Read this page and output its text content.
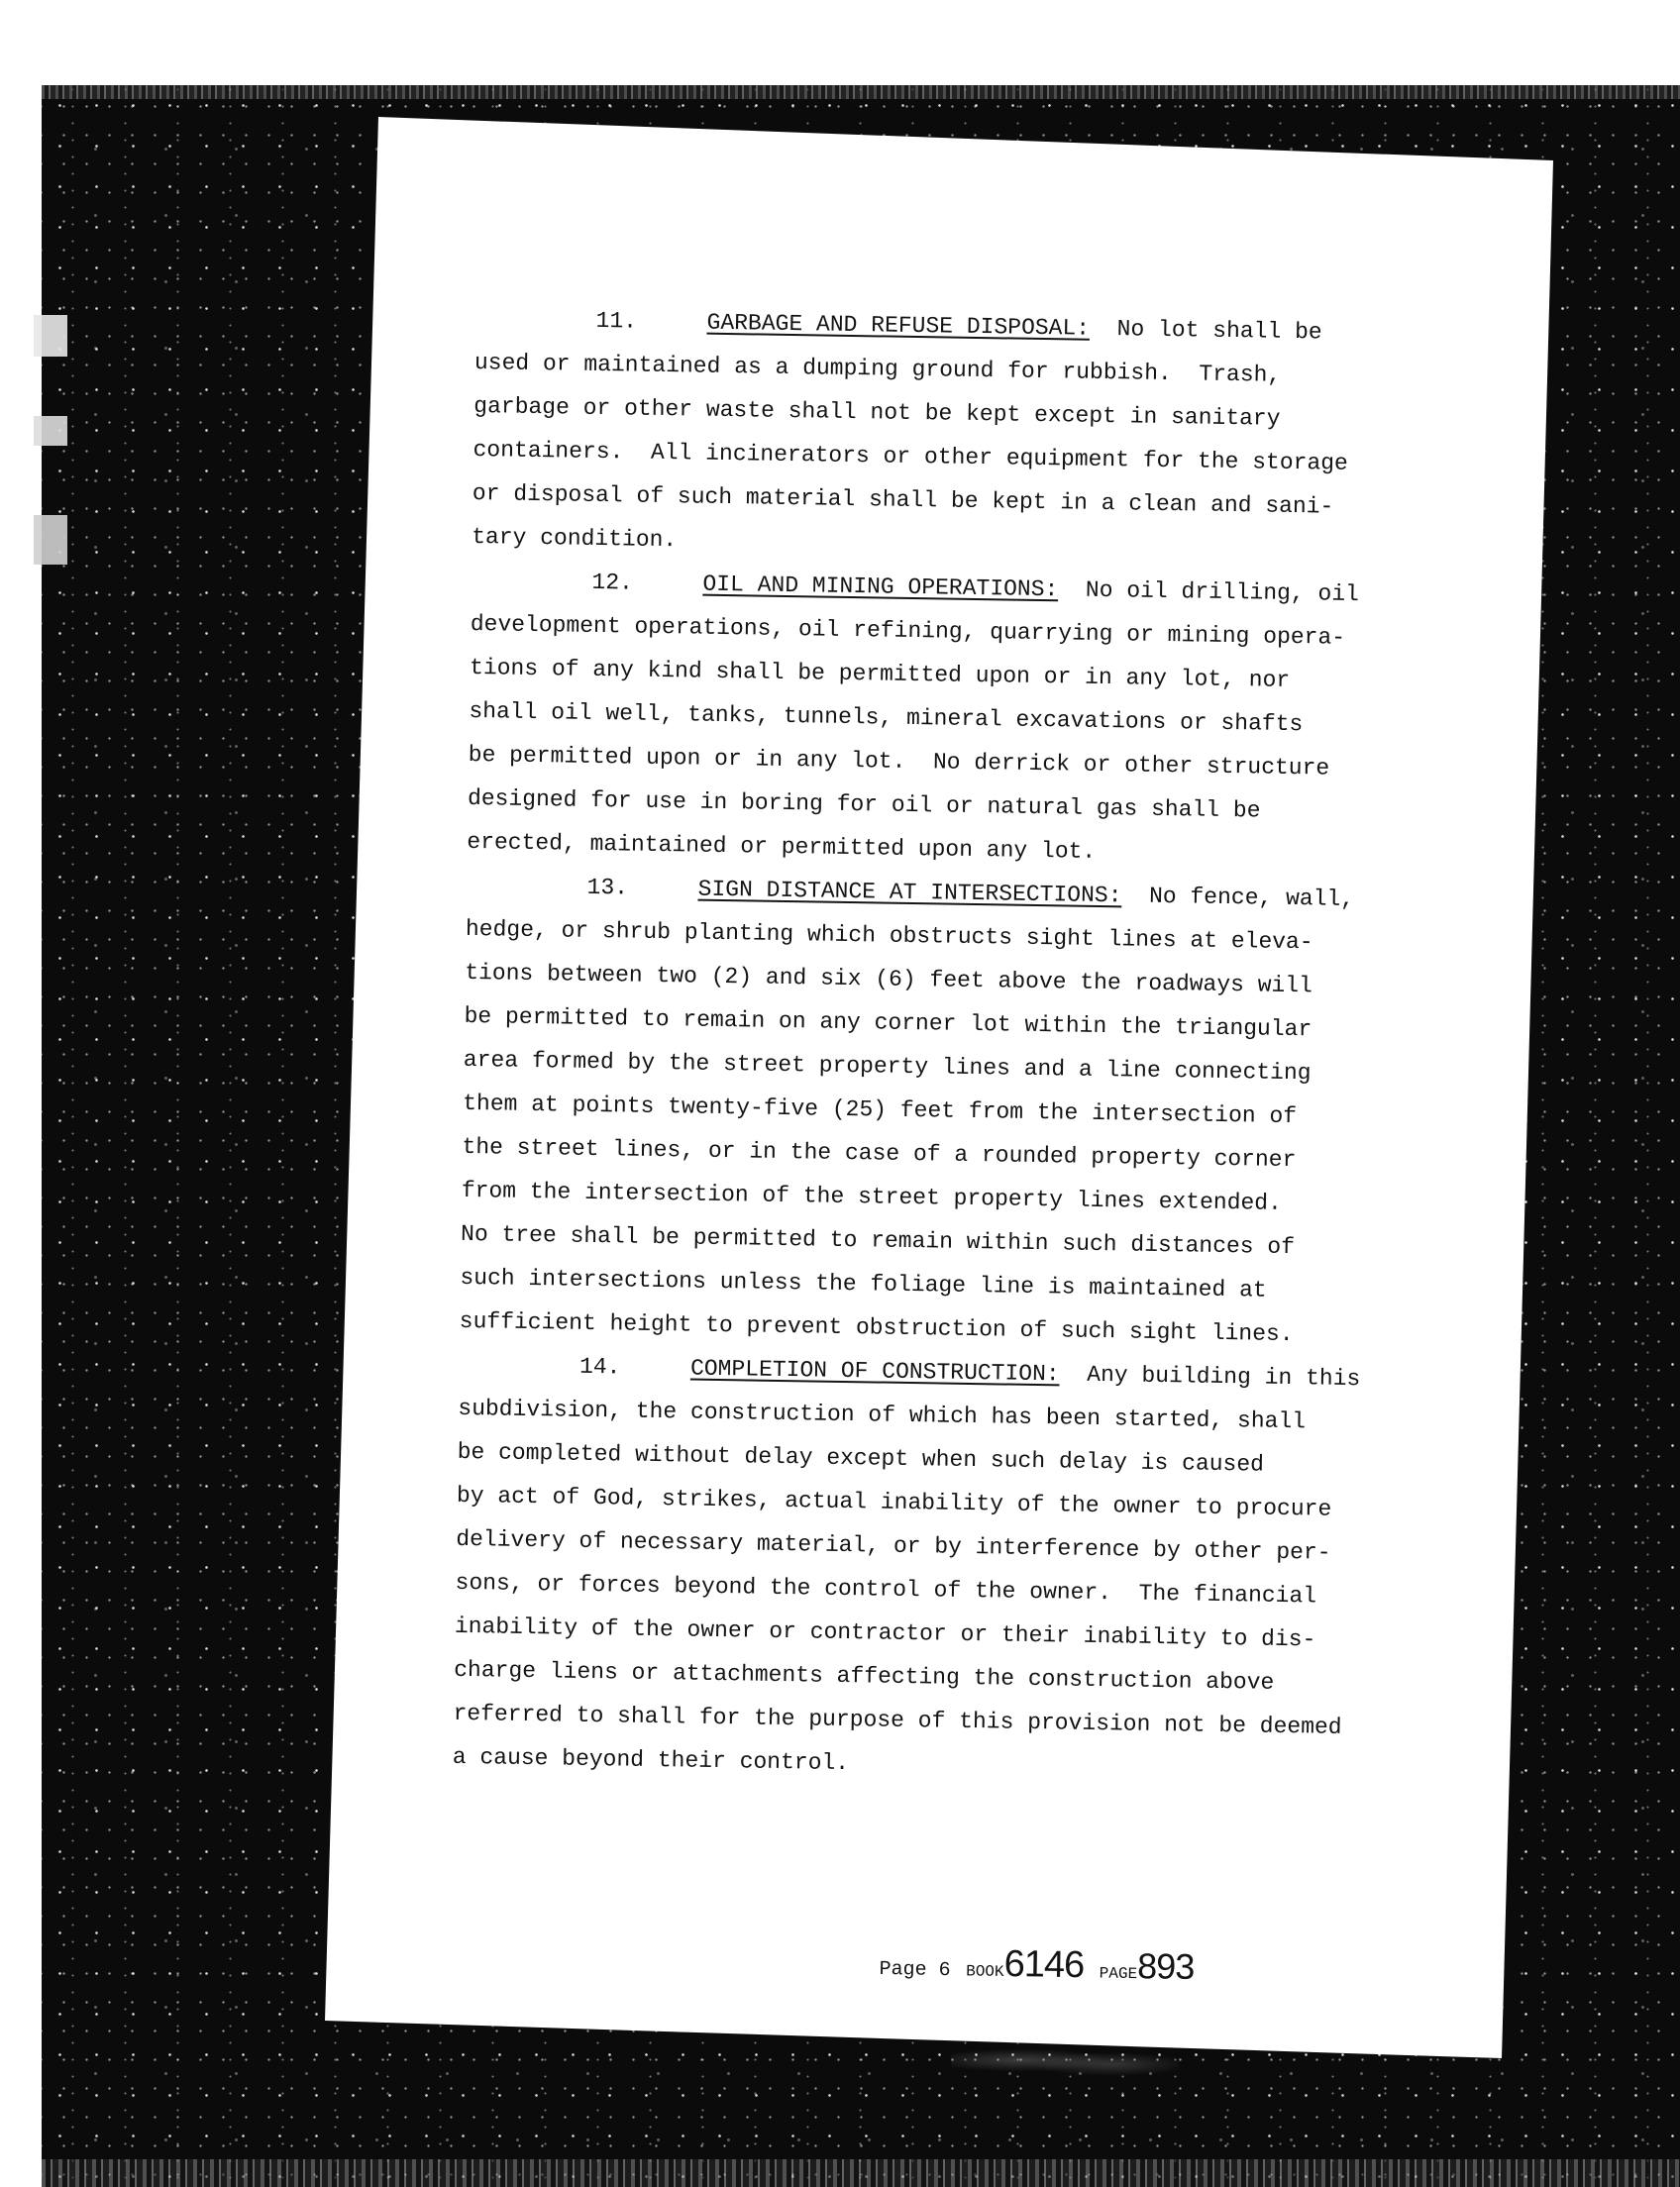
11.	GARBAGE AND REFUSE DISPOSAL:  No lot shall be
used or maintained as a dumping ground for rubbish.  Trash,
garbage or other waste shall not be kept except in sanitary
containers.  All incinerators or other equipment for the storage
or disposal of such material shall be kept in a clean and sani-
tary condition.
12.	OIL AND MINING OPERATIONS:  No oil drilling, oil
development operations, oil refining, quarrying or mining opera-
tions of any kind shall be permitted upon or in any lot, nor
shall oil well, tanks, tunnels, mineral excavations or shafts
be permitted upon or in any lot.  No derrick or other structure
designed for use in boring for oil or natural gas shall be
erected, maintained or permitted upon any lot.
13.	SIGN DISTANCE AT INTERSECTIONS:  No fence, wall,
hedge, or shrub planting which obstructs sight lines at eleva-
tions between two (2) and six (6) feet above the roadways will
be permitted to remain on any corner lot within the triangular
area formed by the street property lines and a line connecting
them at points twenty-five (25) feet from the intersection of
the street lines, or in the case of a rounded property corner
from the intersection of the street property lines extended.
No tree shall be permitted to remain within such distances of
such intersections unless the foliage line is maintained at
sufficient height to prevent obstruction of such sight lines.
14.	COMPLETION OF CONSTRUCTION:  Any building in this
subdivision, the construction of which has been started, shall
be completed without delay except when such delay is caused
by act of God, strikes, actual inability of the owner to procure
delivery of necessary material, or by interference by other per-
sons, or forces beyond the control of the owner.  The financial
inability of the owner or contractor or their inability to dis-
charge liens or attachments affecting the construction above
referred to shall for the purpose of this provision not be deemed
a cause beyond their control.
Page 6 BOOK6146 PAGE893
